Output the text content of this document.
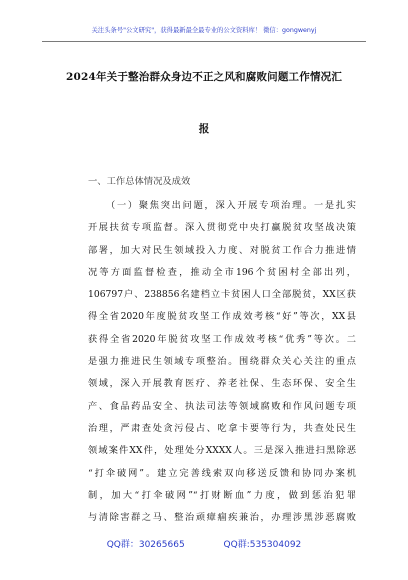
关注头条号"公文研究"，获得最新最全最专业的公文资料库！ 微信：gongwenyj
2024年关于整治群众身边不正之风和腐败问题工作情况汇
报
一、工作总体情况及成效
（一）聚焦突出问题，深入开展专项治理。一是扎实
开展扶贫专项监督。深入贯彻党中央打赢脱贫攻坚战决策
部署，加大对民生领域投入力度、对脱贫工作合力推进情
况等方面监督检查，推动全市196个贫困村全部出列，
106797户、238856名建档立卡贫困人口全部脱贫，XX区获
得全省2020年度脱贫攻坚工作成效考核“好”等次，XX县
获得全省2020年脱贫攻坚工作成效考核“优秀”等次。二
是强力推进民生领域专项整治。围绕群众关心关注的重点
领域，深入开展教育医疗、养老社保、生态环保、安全生
产、食品药品安全、执法司法等领域腐败和作风问题专项
治理，严肃查处贪污侵占、吃拿卡要等行为，共查处民生
领域案件XX件，处理处分XXXX人。三是深入推进扫黑除恶
“打伞破网”。建立完善线索双向移送反馈和协同办案机
制，加大“打伞破网”“打财断血”力度，做到惩治犯罪
与清除害群之马、整治顽瘴痼疾兼治，办理涉黑涉恶腐败
QQ群：30265665	QQ群:535304092
